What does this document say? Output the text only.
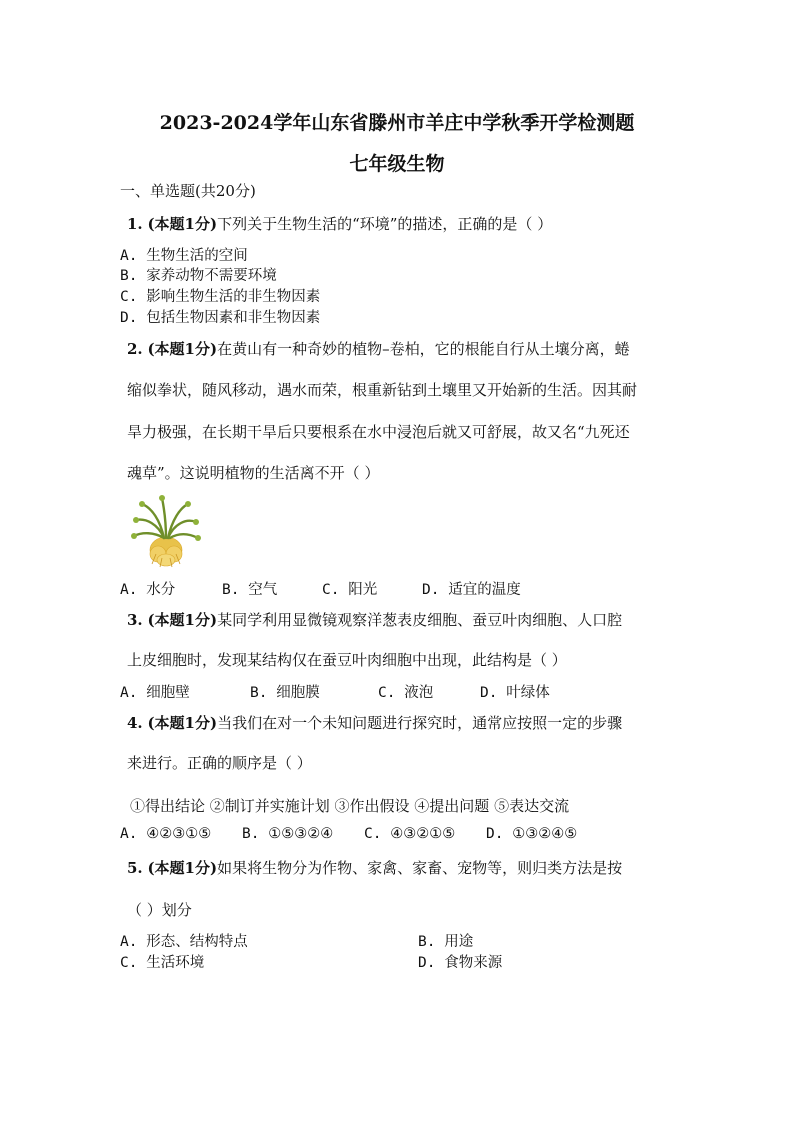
2023-2024学年山东省滕州市羊庄中学秋季开学检测题
七年级生物
一、单选题(共20分)
1. (本题1分)下列关于生物生活的“环境”的描述，正确的是（ ）
A. 生物生活的空间
B. 家养动物不需要环境
C. 影响生物生活的非生物因素
D. 包括生物因素和非生物因素
2. (本题1分)在黄山有一种奇妙的植物–卷柏，它的根能自行从土壤分离，蜷
缩似拳状，随风移动，遇水而荣，根重新钻到土壤里又开始新的生活。因其耐
旱力极强，在长期干旱后只要根系在水中浸泡后就又可舒展，故又名“九死还
魂草”。这说明植物的生活离不开（ ）
A. 水分	B. 空气	C. 阳光	D. 适宜的温度
3. (本题1分)某同学利用显微镜观察洋葱表皮细胞、蚕豆叶肉细胞、人口腔
上皮细胞时，发现某结构仅在蚕豆叶肉细胞中出现，此结构是（ ）
A. 细胞壁	B. 细胞膜	C. 液泡	D. 叶绿体
4. (本题1分)当我们在对一个未知问题进行探究时，通常应按照一定的步骤
来进行。正确的顺序是（ ）
①得出结论 ②制订并实施计划 ③作出假设 ④提出问题 ⑤表达交流
A. ④②③①⑤ B. ①⑤③②④ C. ④③②①⑤ D. ①③②④⑤
5. (本题1分)如果将生物分为作物、家禽、家畜、宠物等，则归类方法是按
（ ）划分
A. 形态、结构特点	B. 用途
C. 生活环境	D. 食物来源
